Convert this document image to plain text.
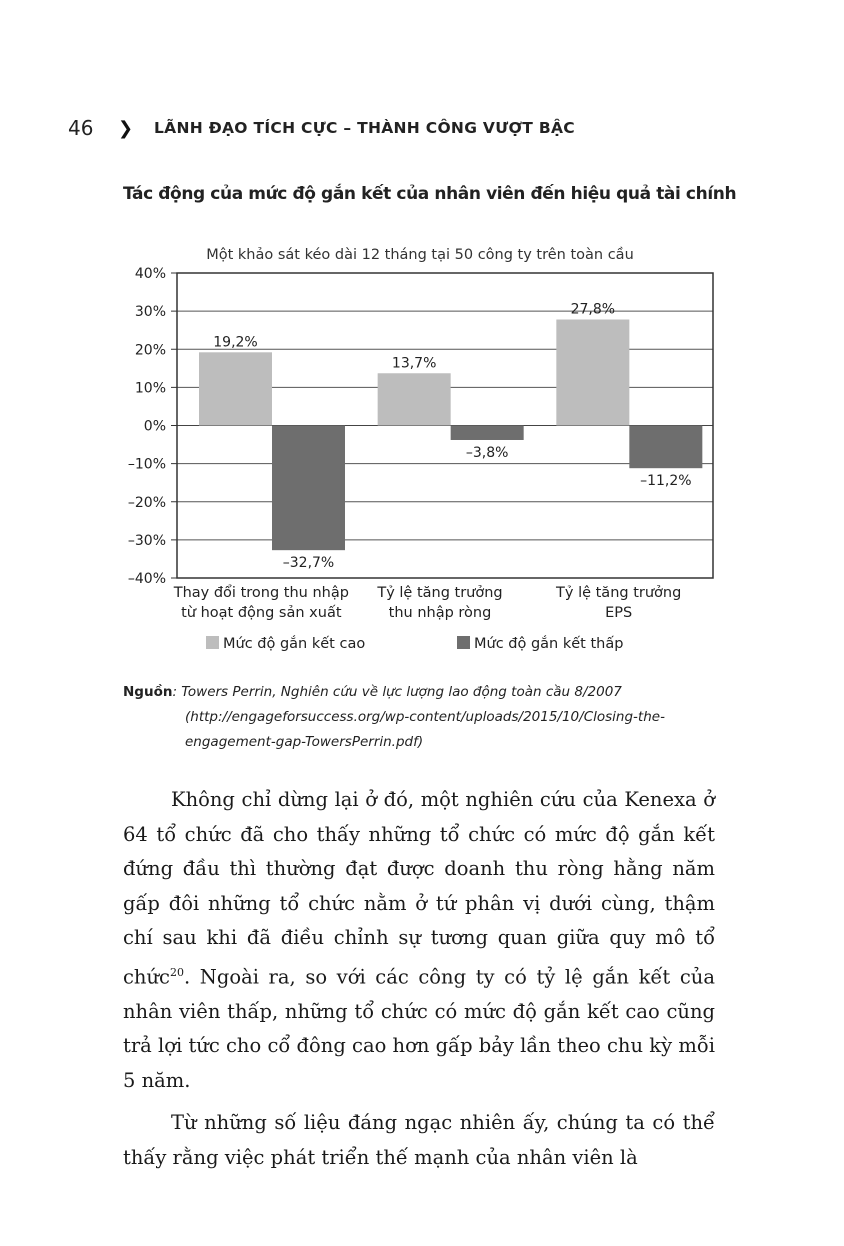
46	❯	LÃNH ĐẠO TÍCH CỰC – THÀNH CÔNG VƯỢT BẬC
Tác động của mức độ gắn kết của nhân viên đến hiệu quả tài chính
Một khảo sát kéo dài 12 tháng tại 50 công ty trên toàn cầu
40%
30%
20%
10%
0%
–10%
–20%
–30%
–40%
19,2%
13,7%
27,8%
–32,7%
–3,8%
–11,2%
Thay đổi trong thu nhập
từ hoạt động sản xuất
Tỷ lệ tăng trưởng
thu nhập ròng
Tỷ lệ tăng trưởng
EPS
Mức độ gắn kết cao	Mức độ gắn kết thấp
Nguồn: Towers Perrin, Nghiên cứu về lực lượng lao động toàn cầu 8/2007
(http://engageforsuccess.org/wp-content/uploads/2015/10/Closing-the-
engagement-gap-TowersPerrin.pdf)

Không chỉ dừng lại ở đó, một nghiên cứu của Kenexa ở 64 tổ chức đã cho thấy những tổ chức có mức độ gắn kết đứng đầu thì thường đạt được doanh thu ròng hằng năm gấp đôi những tổ chức nằm ở tứ phân vị dưới cùng, thậm chí sau khi đã điều chỉnh sự tương quan giữa quy mô tổ chức$^{20}$. Ngoài ra, so với các công ty có tỷ lệ gắn kết của nhân viên thấp, những tổ chức có mức độ gắn kết cao cũng trả lợi tức cho cổ đông cao hơn gấp bảy lần theo chu kỳ mỗi 5 năm.

Từ những số liệu đáng ngạc nhiên ấy, chúng ta có thể thấy rằng việc phát triển thế mạnh của nhân viên là
